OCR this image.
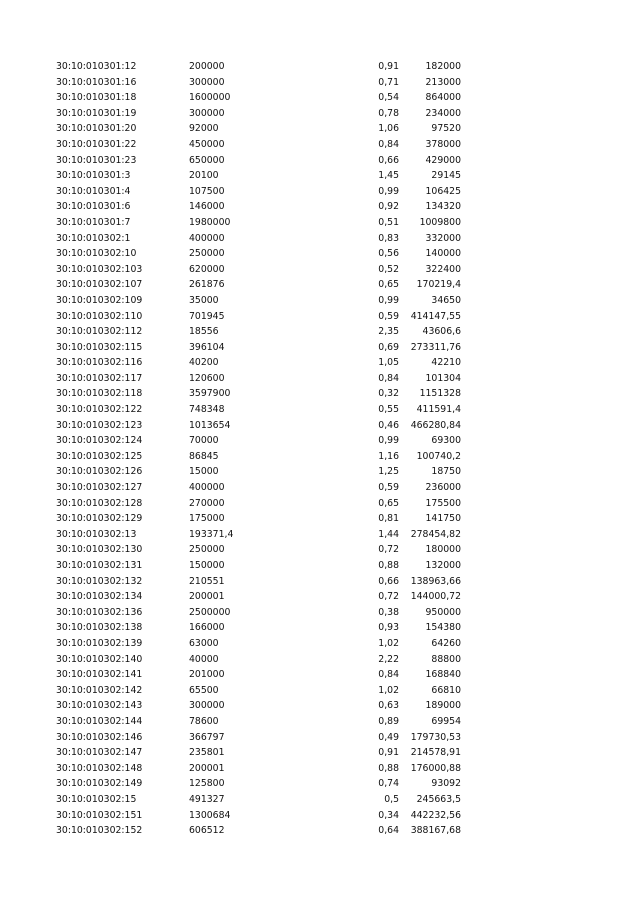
30:10:010301:12	200000		0,91	182000
30:10:010301:16	300000		0,71	213000
30:10:010301:18	1600000		0,54	864000
30:10:010301:19	300000		0,78	234000
30:10:010301:20	92000		1,06	97520
30:10:010301:22	450000		0,84	378000
30:10:010301:23	650000		0,66	429000
30:10:010301:3	20100		1,45	29145
30:10:010301:4	107500		0,99	106425
30:10:010301:6	146000		0,92	134320
30:10:010301:7	1980000		0,51	1009800
30:10:010302:1	400000		0,83	332000
30:10:010302:10	250000		0,56	140000
30:10:010302:103	620000		0,52	322400
30:10:010302:107	261876		0,65	170219,4
30:10:010302:109	35000		0,99	34650
30:10:010302:110	701945		0,59	414147,55
30:10:010302:112	18556		2,35	43606,6
30:10:010302:115	396104		0,69	273311,76
30:10:010302:116	40200		1,05	42210
30:10:010302:117	120600		0,84	101304
30:10:010302:118	3597900		0,32	1151328
30:10:010302:122	748348		0,55	411591,4
30:10:010302:123	1013654		0,46	466280,84
30:10:010302:124	70000		0,99	69300
30:10:010302:125	86845		1,16	100740,2
30:10:010302:126	15000		1,25	18750
30:10:010302:127	400000		0,59	236000
30:10:010302:128	270000		0,65	175500
30:10:010302:129	175000		0,81	141750
30:10:010302:13	193371,4		1,44	278454,82
30:10:010302:130	250000		0,72	180000
30:10:010302:131	150000		0,88	132000
30:10:010302:132	210551		0,66	138963,66
30:10:010302:134	200001		0,72	144000,72
30:10:010302:136	2500000		0,38	950000
30:10:010302:138	166000		0,93	154380
30:10:010302:139	63000		1,02	64260
30:10:010302:140	40000		2,22	88800
30:10:010302:141	201000		0,84	168840
30:10:010302:142	65500		1,02	66810
30:10:010302:143	300000		0,63	189000
30:10:010302:144	78600		0,89	69954
30:10:010302:146	366797		0,49	179730,53
30:10:010302:147	235801		0,91	214578,91
30:10:010302:148	200001		0,88	176000,88
30:10:010302:149	125800		0,74	93092
30:10:010302:15	491327		0,5	245663,5
30:10:010302:151	1300684		0,34	442232,56
30:10:010302:152	606512		0,64	388167,68
